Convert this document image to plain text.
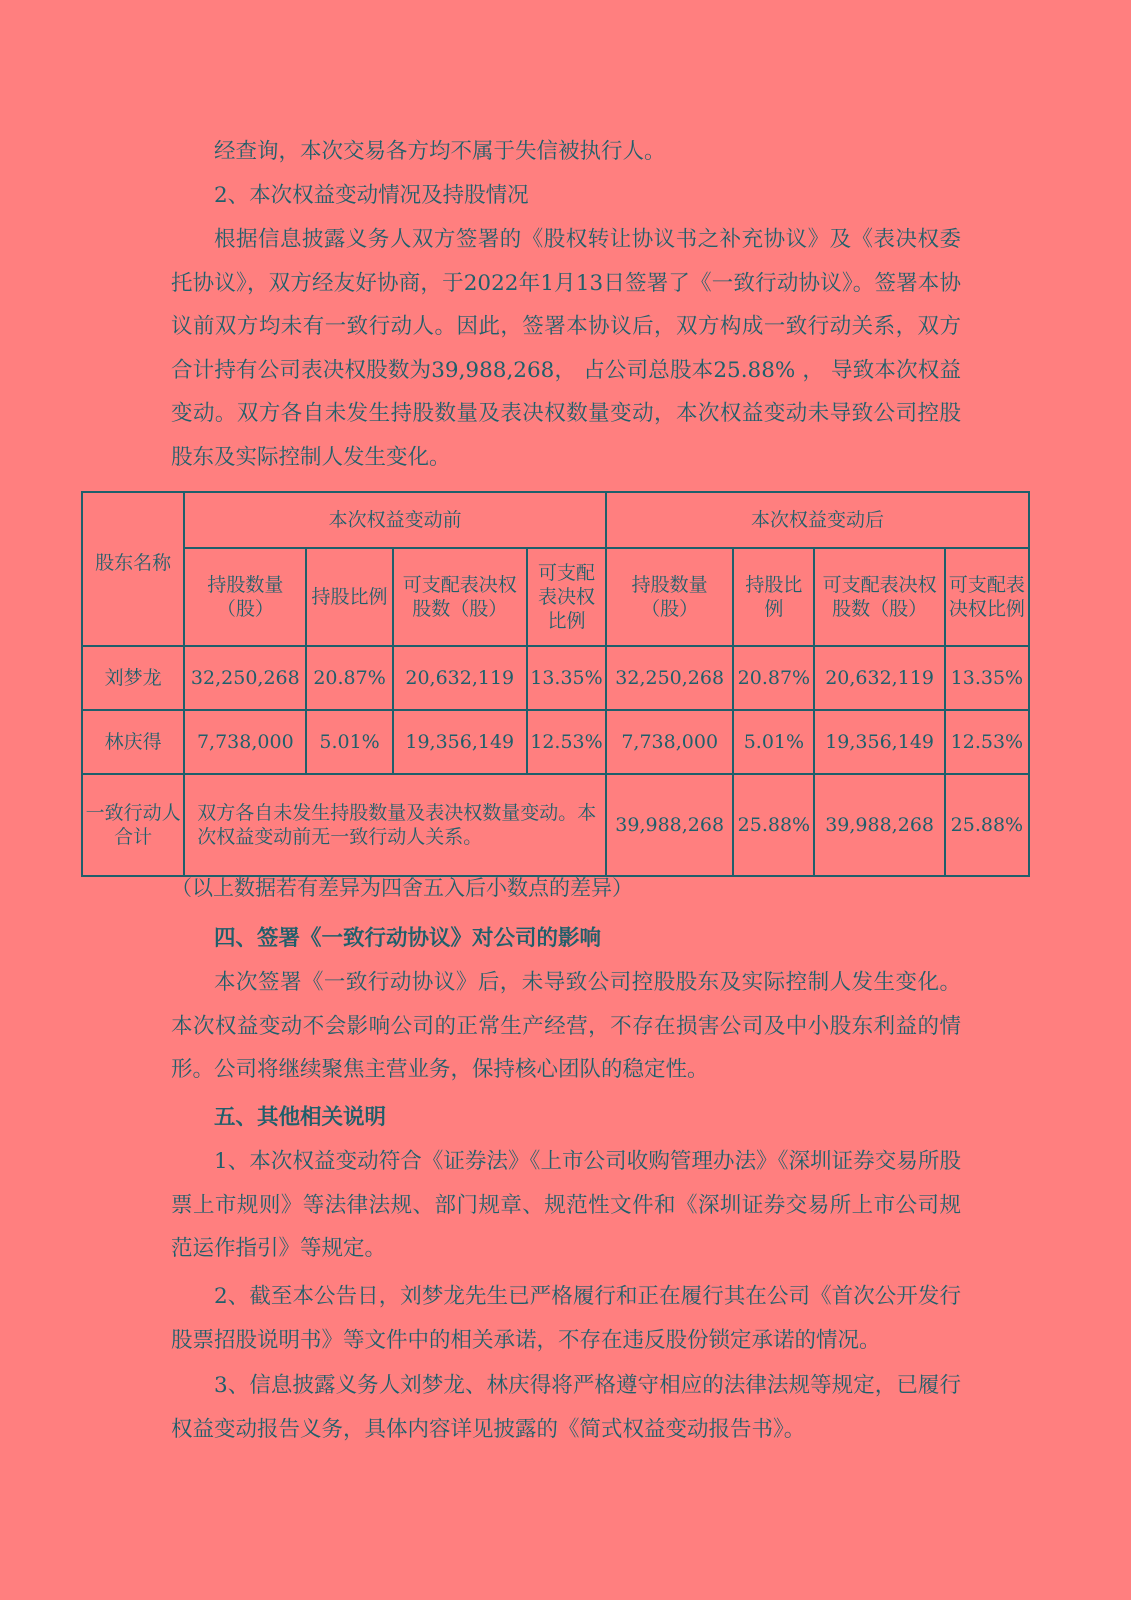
经查询，本次交易各方均不属于失信被执行人。

2、本次权益变动情况及持股情况

根据信息披露义务人双方签署的《股权转让协议书之补充协议》及《表决权委托协议》，双方经友好协商，于2022年1月13日签署了《一致行动协议》。签署本协议前双方均未有一致行动人。因此，签署本协议后，双方构成一致行动关系，双方合计持有公司表决权股数为39,988,268， 占公司总股本25.88% ， 导致本次权益变动。双方各自未发生持股数量及表决权数量变动，本次权益变动未导致公司控股股东及实际控制人发生变化。

股东名称	本次权益变动前				本次权益变动后			
	持股数量（股）	持股比例	可支配表决权股数（股）	可支配表决权比例	持股数量（股）	持股比例	可支配表决权股数（股）	可支配表决权比例
刘梦龙	32,250,268	20.87%	20,632,119	13.35%	32,250,268	20.87%	20,632,119	13.35%
林庆得	7,738,000	5.01%	19,356,149	12.53%	7,738,000	5.01%	19,356,149	12.53%
一致行动人合计	双方各自未发生持股数量及表决权数量变动。本次权益变动前无一致行动人关系。				39,988,268	25.88%	39,988,268	25.88%

（以上数据若有差异为四舍五入后小数点的差异）

四、签署《一致行动协议》对公司的影响

本次签署《一致行动协议》后，未导致公司控股股东及实际控制人发生变化。本次权益变动不会影响公司的正常生产经营，不存在损害公司及中小股东利益的情形。公司将继续聚焦主营业务，保持核心团队的稳定性。

五、其他相关说明

1、本次权益变动符合《证券法》《上市公司收购管理办法》《深圳证券交易所股票上市规则》等法律法规、部门规章、规范性文件和《深圳证券交易所上市公司规范运作指引》等规定。

2、截至本公告日，刘梦龙先生已严格履行和正在履行其在公司《首次公开发行股票招股说明书》等文件中的相关承诺，不存在违反股份锁定承诺的情况。

3、信息披露义务人刘梦龙、林庆得将严格遵守相应的法律法规等规定，已履行权益变动报告义务，具体内容详见披露的《简式权益变动报告书》。
